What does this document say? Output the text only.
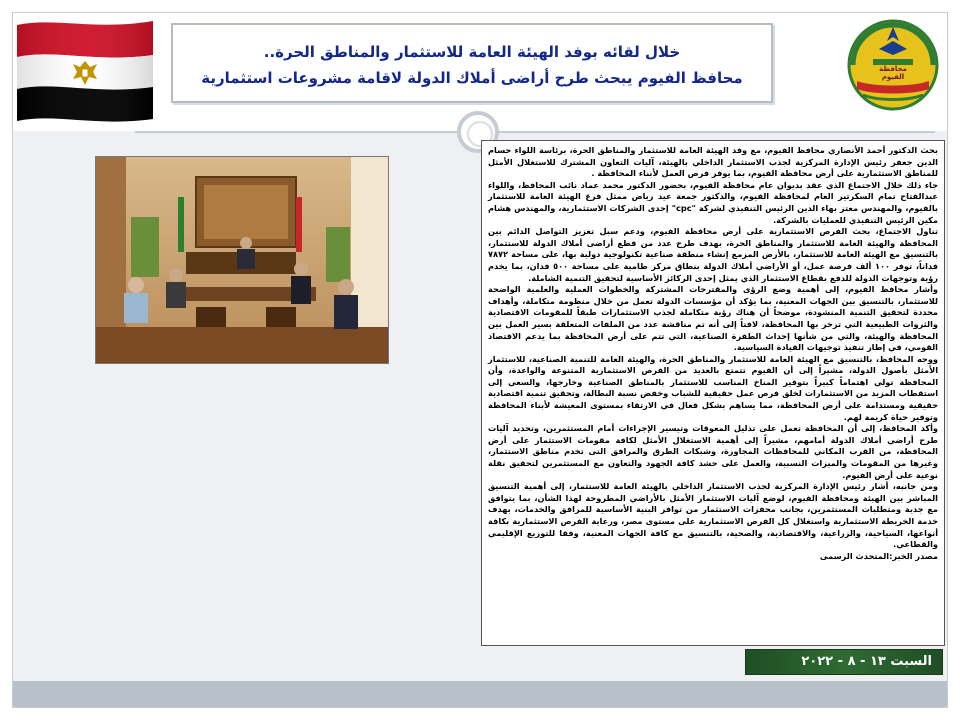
خلال لقائه بوفد الهيئة العامة للاستثمار والمناطق الحرة..
محافظ الفيوم يبحث طرح أراضى أملاك الدولة لاقامة مشروعات استثمارية	محافظة الفيوم

بحث الدكتور أحمد الأنصاري محافظ الفيوم، مع وفد الهيئة العامة للاستثمار والمناطق الحرة، برئاسة اللواء حسام الدين جعفر رئيس الإدارة المركزية لجذب الاستثمار الداخلي بالهيئة، آليات التعاون المشترك للاستغلال الأمثل للمناطق الاستثمارية على أرض محافظة الفيوم، بما يوفر فرص العمل لأبناء المحافظة .

جاء ذلك خلال الاجتماع الذي عقد بديوان عام محافظة الفيوم، بحضور الدكتور محمد عماد نائب المحافظ، واللواء عبدالفتاح تمام السكرتير العام لمحافظة الفيوم، والدكتور جمعة عيد رياض ممثل فرع الهيئة العامة للاستثمار بالفيوم، والمهندس معتز بهاء الدين الرئيس التنفيذي لشركة "cpc" إحدى الشركات الاستثمارية، والمهندس هشام مكين الرئيس التنفيذي للعمليات بالشركة.

تناول الاجتماع، بحث الفرص الاستثمارية على أرض محافظة الفيوم، ودعم سبل تعزيز التواصل الدائم بين المحافظة والهيئة العامة للاستثمار والمناطق الحرة، بهدف طرح عدد من قطع أراضى أملاك الدولة للاستثمار، بالتنسيق مع الهيئة العامة للاستثمار، بالأرض المزمع إنشاء منطقة صناعية تكنولوجية دولية بها، على مساحة ٧٨٧٢ فداناً، توفر ١٠٠ ألف فرصة عمل، أو الأراضي أملاك الدولة بنطاق مركز طامية على مساحة ٥٠٠ فدان، بما يخدم رؤية وتوجهات الدولة للدفع بقطاع الاستثمار الذي يمثل إحدى الركائز الأساسية لتحقيق التنمية الشاملة.

وأشار محافظ الفيوم، إلى أهمية وضع الرؤى والمقترحات المشتركة والخطوات العملية والعلمية الواضحة للاستثمار، بالتنسيق بين الجهات المعنية، بما يؤكد أن مؤسسات الدولة تعمل من خلال منظومة متكاملة، وأهداف محددة لتحقيق التنمية المنشودة، موضحاً أن هناك رؤية متكاملة لجذب الاستثمارات طبقاً للمقومات الاقتصادية والثروات الطبيعية التي تزخر بها المحافظة، لافتاً إلى أنه تم مناقشة عدد من الملفات المتعلقة بسير العمل بين المحافظة والهيئة، والتي من شأنها إحداث الطفرة الصناعية، التي تتم على أرض المحافظة بما يدعم الاقتصاد القومي، في إطار تنفيذ توجيهات القيادة السياسية.

ووجه المحافظ، بالتنسيق مع الهيئة العامة للاستثمار والمناطق الحرة، والهيئة العامة للتنمية الصناعية، للاستثمار الأمثل بأصول الدولة، مشيراً إلى أن الفيوم تتمتع بالعديد من الفرص الاستثمارية المتنوعة والواعدة، وأن المحافظة تولي اهتماماً كبيراً بتوفير المناخ المناسب للاستثمار بالمناطق الصناعية وخارجها، والسعي إلى استقطاب المزيد من الاستثمارات لخلق فرص عمل حقيقية للشباب وخفض نسبة البطالة، وتحقيق تنمية اقتصادية حقيقية ومستدامة على أرض المحافظة، مما يساهم بشكل فعال في الارتقاء بمستوى المعيشة لأبناء المحافظة وتوفير حياة كريمة لهم.

وأكد المحافظ، إلى أن المحافظة تعمل على تذليل المعوقات وتيسير الإجراءات أمام المستثمرين، وتحديد آليات طرح أراضي أملاك الدولة أمامهم، مشيراً إلى أهمية الاستغلال الأمثل لكافة مقومات الاستثمار على أرض المحافظة، من القرب المكاني للمحافظات المجاورة، وشبكات الطرق والمرافق التى تخدم مناطق الاستثمار، وغيرها من المقومات والميزات النسبية، والعمل على حشد كافة الجهود والتعاون مع المستثمرين لتحقيق نقلة نوعية على أرض الفيوم.

ومن جانبه، أشار رئيس الإدارة المركزية لجذب الاستثمار الداخلي بالهيئة العامة للاستثمار، إلى أهمية التنسيق المباشر بين الهيئة ومحافظة الفيوم، لوضع آليات الاستثمار الأمثل بالأراضي المطروحة لهذا الشأن، بما يتوافق مع جدية ومتطلبات المستثمرين، بجانب محفزات الاستثمار من توافر البنية الأساسية للمرافق والخدمات، بهدف خدمة الخريطة الاستثمارية واستغلال كل الفرص الاستثمارية على مستوى مصر، ورعاية الفرص الاستثمارية بكافة أنواعها، السياحية، والزراعية، والاقتصادية، والصحية، بالتنسيق مع كافة الجهات المعنية، وفقا للتوزيع الإقليمي والقطاعي.

مصدر الخبر:المتحدث الرسمى

السبت ١٣ - ٨ - ٢٠٢٢
